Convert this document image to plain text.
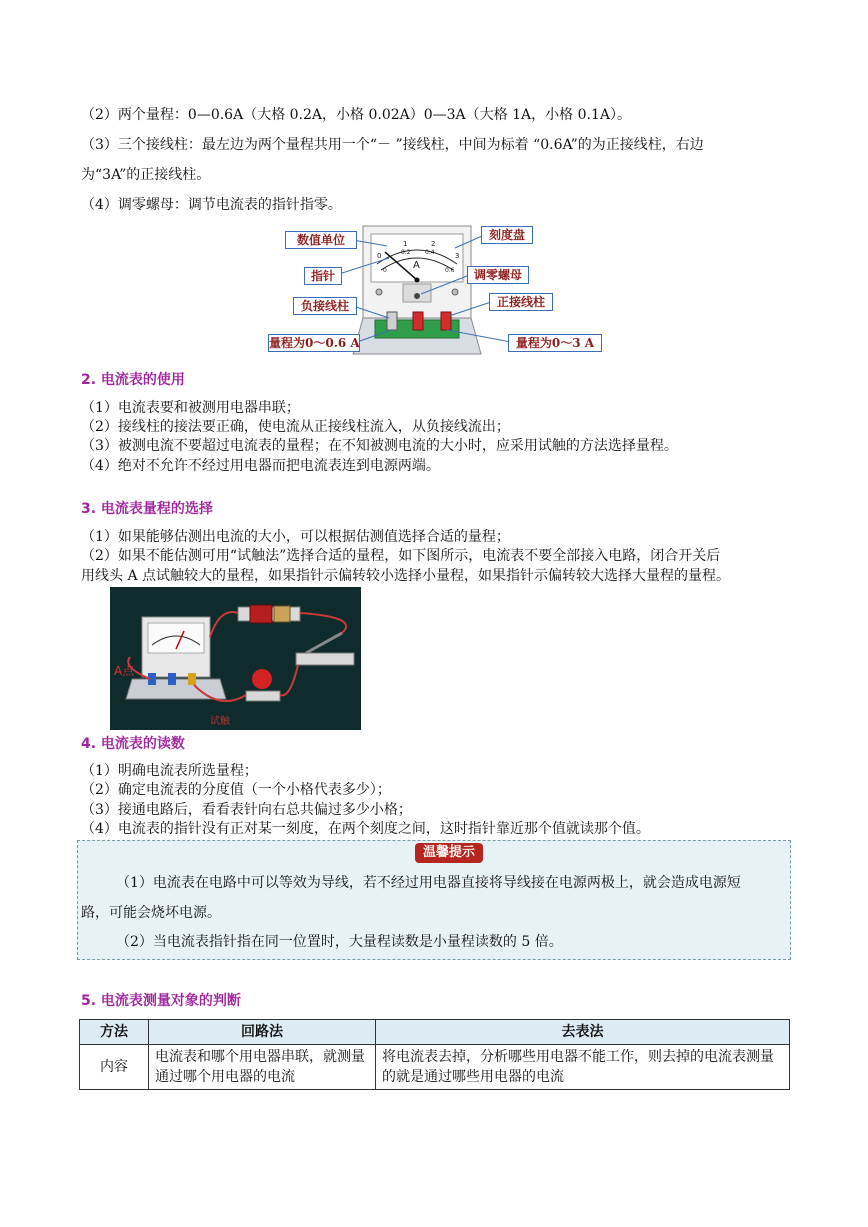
（2）两个量程：0—0.6A（大格 0.2A，小格 0.02A）0—3A（大格 1A，小格 0.1A）。
（3）三个接线柱：最左边为两个量程共用一个“－ ”接线柱，中间为标着 “0.6A”的为正接线柱，右边
为“3A”的正接线柱。
（4）调零螺母：调节电流表的指针指零。
0
1	2
3
0
0.2 0.4
0.6
A
数值单位	刻度盘
指针	调零螺母
负接线柱	正接线柱
量程为0～0.6 A	量程为0～3 A
2. 电流表的使用
（1）电流表要和被测用电器串联；
（2）接线柱的接法要正确，使电流从正接线柱流入，从负接线流出；
（3）被测电流不要超过电流表的量程；在不知被测电流的大小时，应采用试触的方法选择量程。
（4）绝对不允许不经过用电器而把电流表连到电源两端。
3. 电流表量程的选择
（1）如果能够估测出电流的大小，可以根据估测值选择合适的量程；
（2）如果不能估测可用“试触法”选择合适的量程，如下图所示，电流表不要全部接入电路，闭合开关后
用线头 A 点试触较大的量程，如果指针示偏转较小选择小量程，如果指针示偏转较大选择大量程的量程。
A点
试触
4. 电流表的读数
（1）明确电流表所选量程；
（2）确定电流表的分度值（一个小格代表多少）；
（3）接通电路后，看看表针向右总共偏过多少小格；
（4）电流表的指针没有正对某一刻度，在两个刻度之间，这时指针靠近那个值就读那个值。
温馨提示
（1）电流表在电路中可以等效为导线，若不经过用电器直接将导线接在电源两极上，就会造成电源短
路，可能会烧坏电源。
（2）当电流表指针指在同一位置时，大量程读数是小量程读数的 5 倍。
5. 电流表测量对象的判断
方法	回路法	去表法
内容	电流表和哪个用电器串联，就测量通过哪个用电器的电流	将电流表去掉，分析哪些用电器不能工作，则去掉的电流表测量的就是通过哪些用电器的电流
